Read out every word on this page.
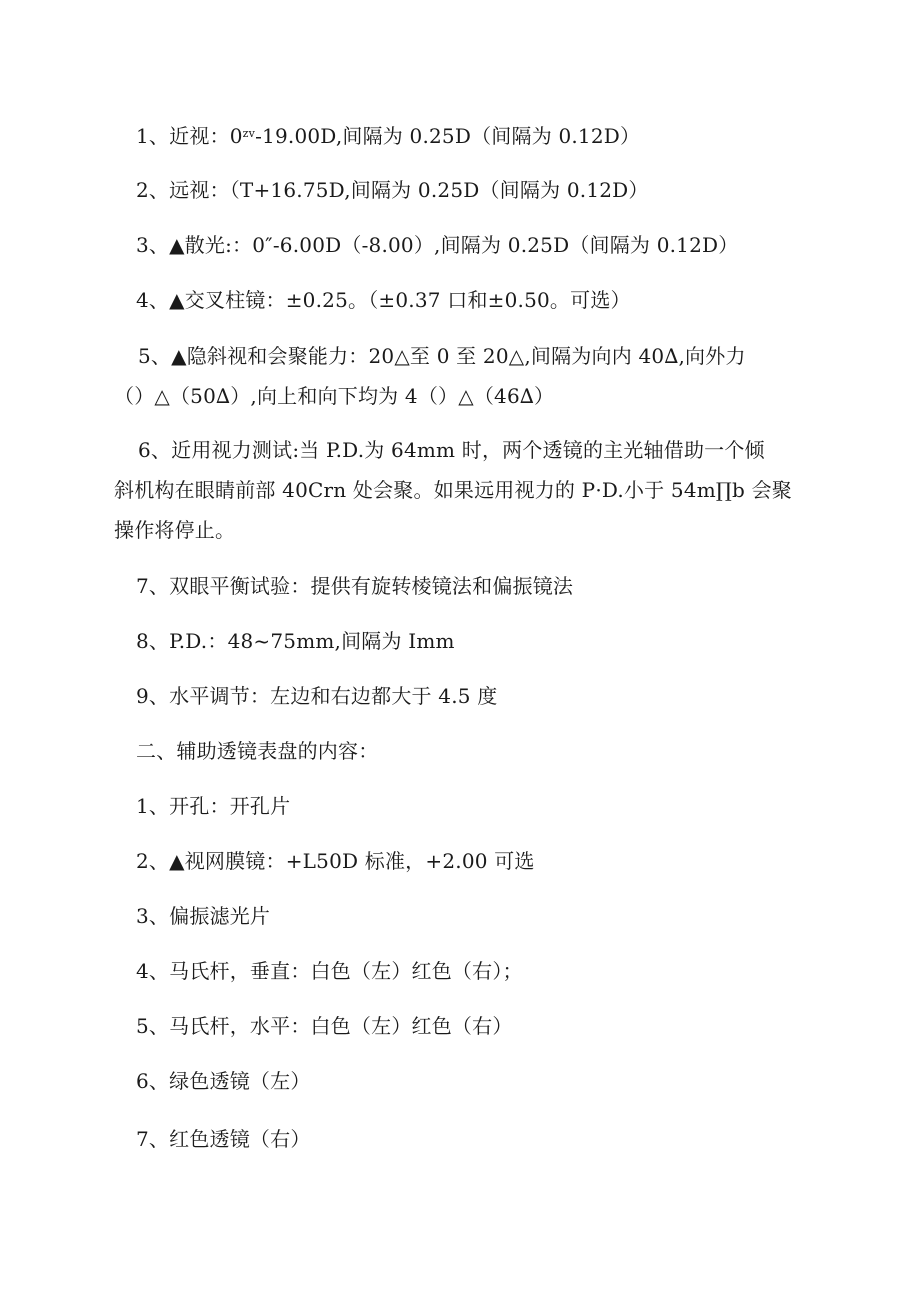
1、近视：$0^{zv}-19.00D$,间隔为 0.25D（间隔为 0.12D）
2、远视：（T+16.75D,间隔为 0.25D（间隔为 0.12D）
3、▲散光:：0″-6.00D（-8.00）,间隔为 0.25D（间隔为 0.12D）
4、▲交叉柱镜：±0.25。（±0.37 口和±0.50。可选）
5、▲隐斜视和会聚能力：20△至 0 至 20△,间隔为向内 40∆,向外力
（）△（50∆）,向上和向下均为 4（）△（46∆）
6、近用视力测试:当 P.D.为 64mm 时，两个透镜的主光轴借助一个倾
斜机构在眼睛前部 40Crn 处会聚。如果远用视力的 P·D.小于 54m∏b 会聚
操作将停止。
7、双眼平衡试验：提供有旋转棱镜法和偏振镜法
8、P.D.：48~75mm,间隔为 Imm
9、水平调节：左边和右边都大于 4.5 度
二、辅助透镜表盘的内容：
1、开孔：开孔片
2、▲视网膜镜：+L50D 标准，+2.00 可选
3、偏振滤光片
4、马氏杆，垂直：白色（左）红色（右）；
5、马氏杆，水平：白色（左）红色（右）
6、绿色透镜（左）
7、红色透镜（右）
